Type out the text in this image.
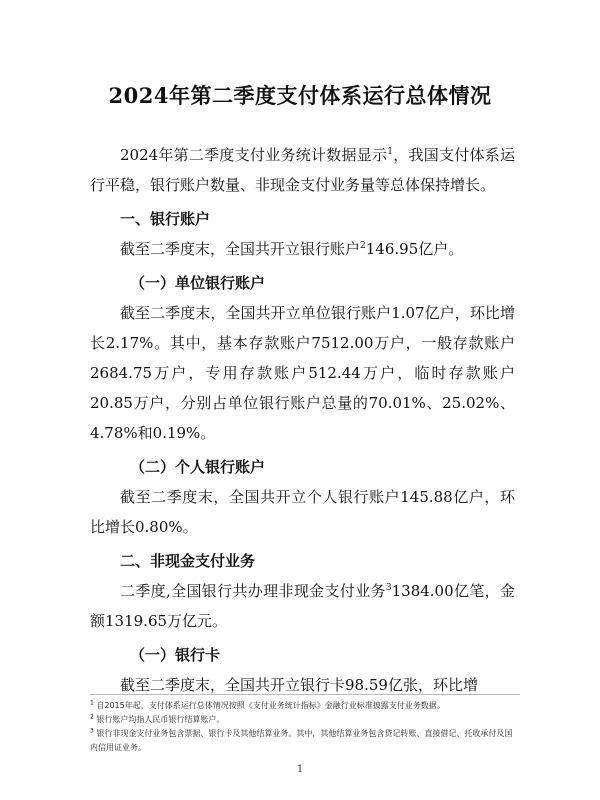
2024年第二季度支付体系运行总体情况

2024年第二季度支付业务统计数据显示$^1$，我国支付体系运行平稳，银行账户数量、非现金支付业务量等总体保持增长。

一、银行账户

截至二季度末，全国共开立银行账户$^2$146.95亿户。

（一）单位银行账户

截至二季度末，全国共开立单位银行账户1.07亿户，环比增长2.17%。其中，基本存款账户7512.00万户，一般存款账户2684.75万户，专用存款账户512.44万户，临时存款账户20.85万户，分别占单位银行账户总量的70.01%、25.02%、4.78%和0.19%。

（二）个人银行账户

截至二季度末，全国共开立个人银行账户145.88亿户，环比增长0.80%。

二、非现金支付业务

二季度,全国银行共办理非现金支付业务$^3$1384.00亿笔，金额1319.65万亿元。

（一）银行卡

截至二季度末，全国共开立银行卡98.59亿张，环比增

$^1$ 自2015年起，支付体系运行总体情况按照《支付业务统计指标》金融行业标准披露支付业务数据。
$^2$ 银行账户均指人民币银行结算账户。
$^3$ 银行非现金支付业务包含票据、银行卡及其他结算业务。其中，其他结算业务包含贷记转账、直接借记、托收承付及国内信用证业务。
1
